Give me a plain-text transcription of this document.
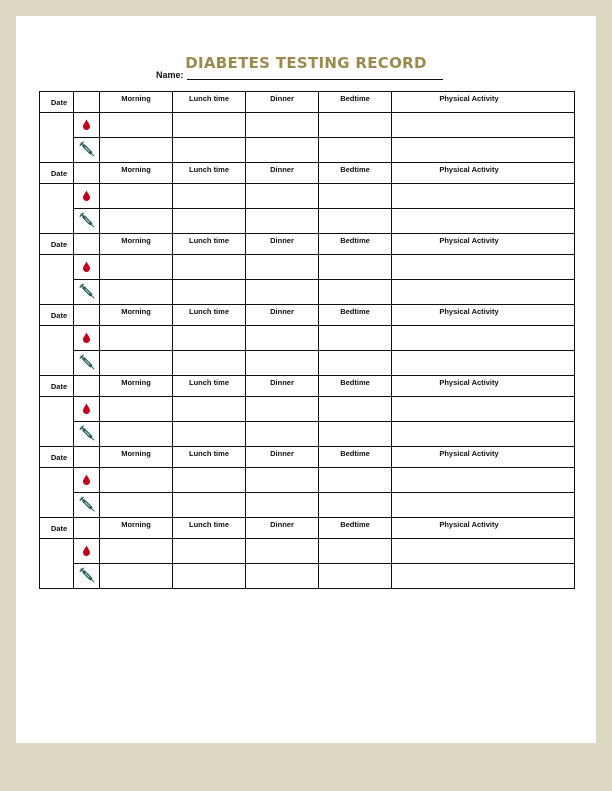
DIABETES TESTING RECORD
Name:
Date		Morning	Lunch time	Dinner	Bedtime	Physical Activity

Date		Morning	Lunch time	Dinner	Bedtime	Physical Activity

Date		Morning	Lunch time	Dinner	Bedtime	Physical Activity

Date		Morning	Lunch time	Dinner	Bedtime	Physical Activity

Date		Morning	Lunch time	Dinner	Bedtime	Physical Activity

Date		Morning	Lunch time	Dinner	Bedtime	Physical Activity

Date		Morning	Lunch time	Dinner	Bedtime	Physical Activity
